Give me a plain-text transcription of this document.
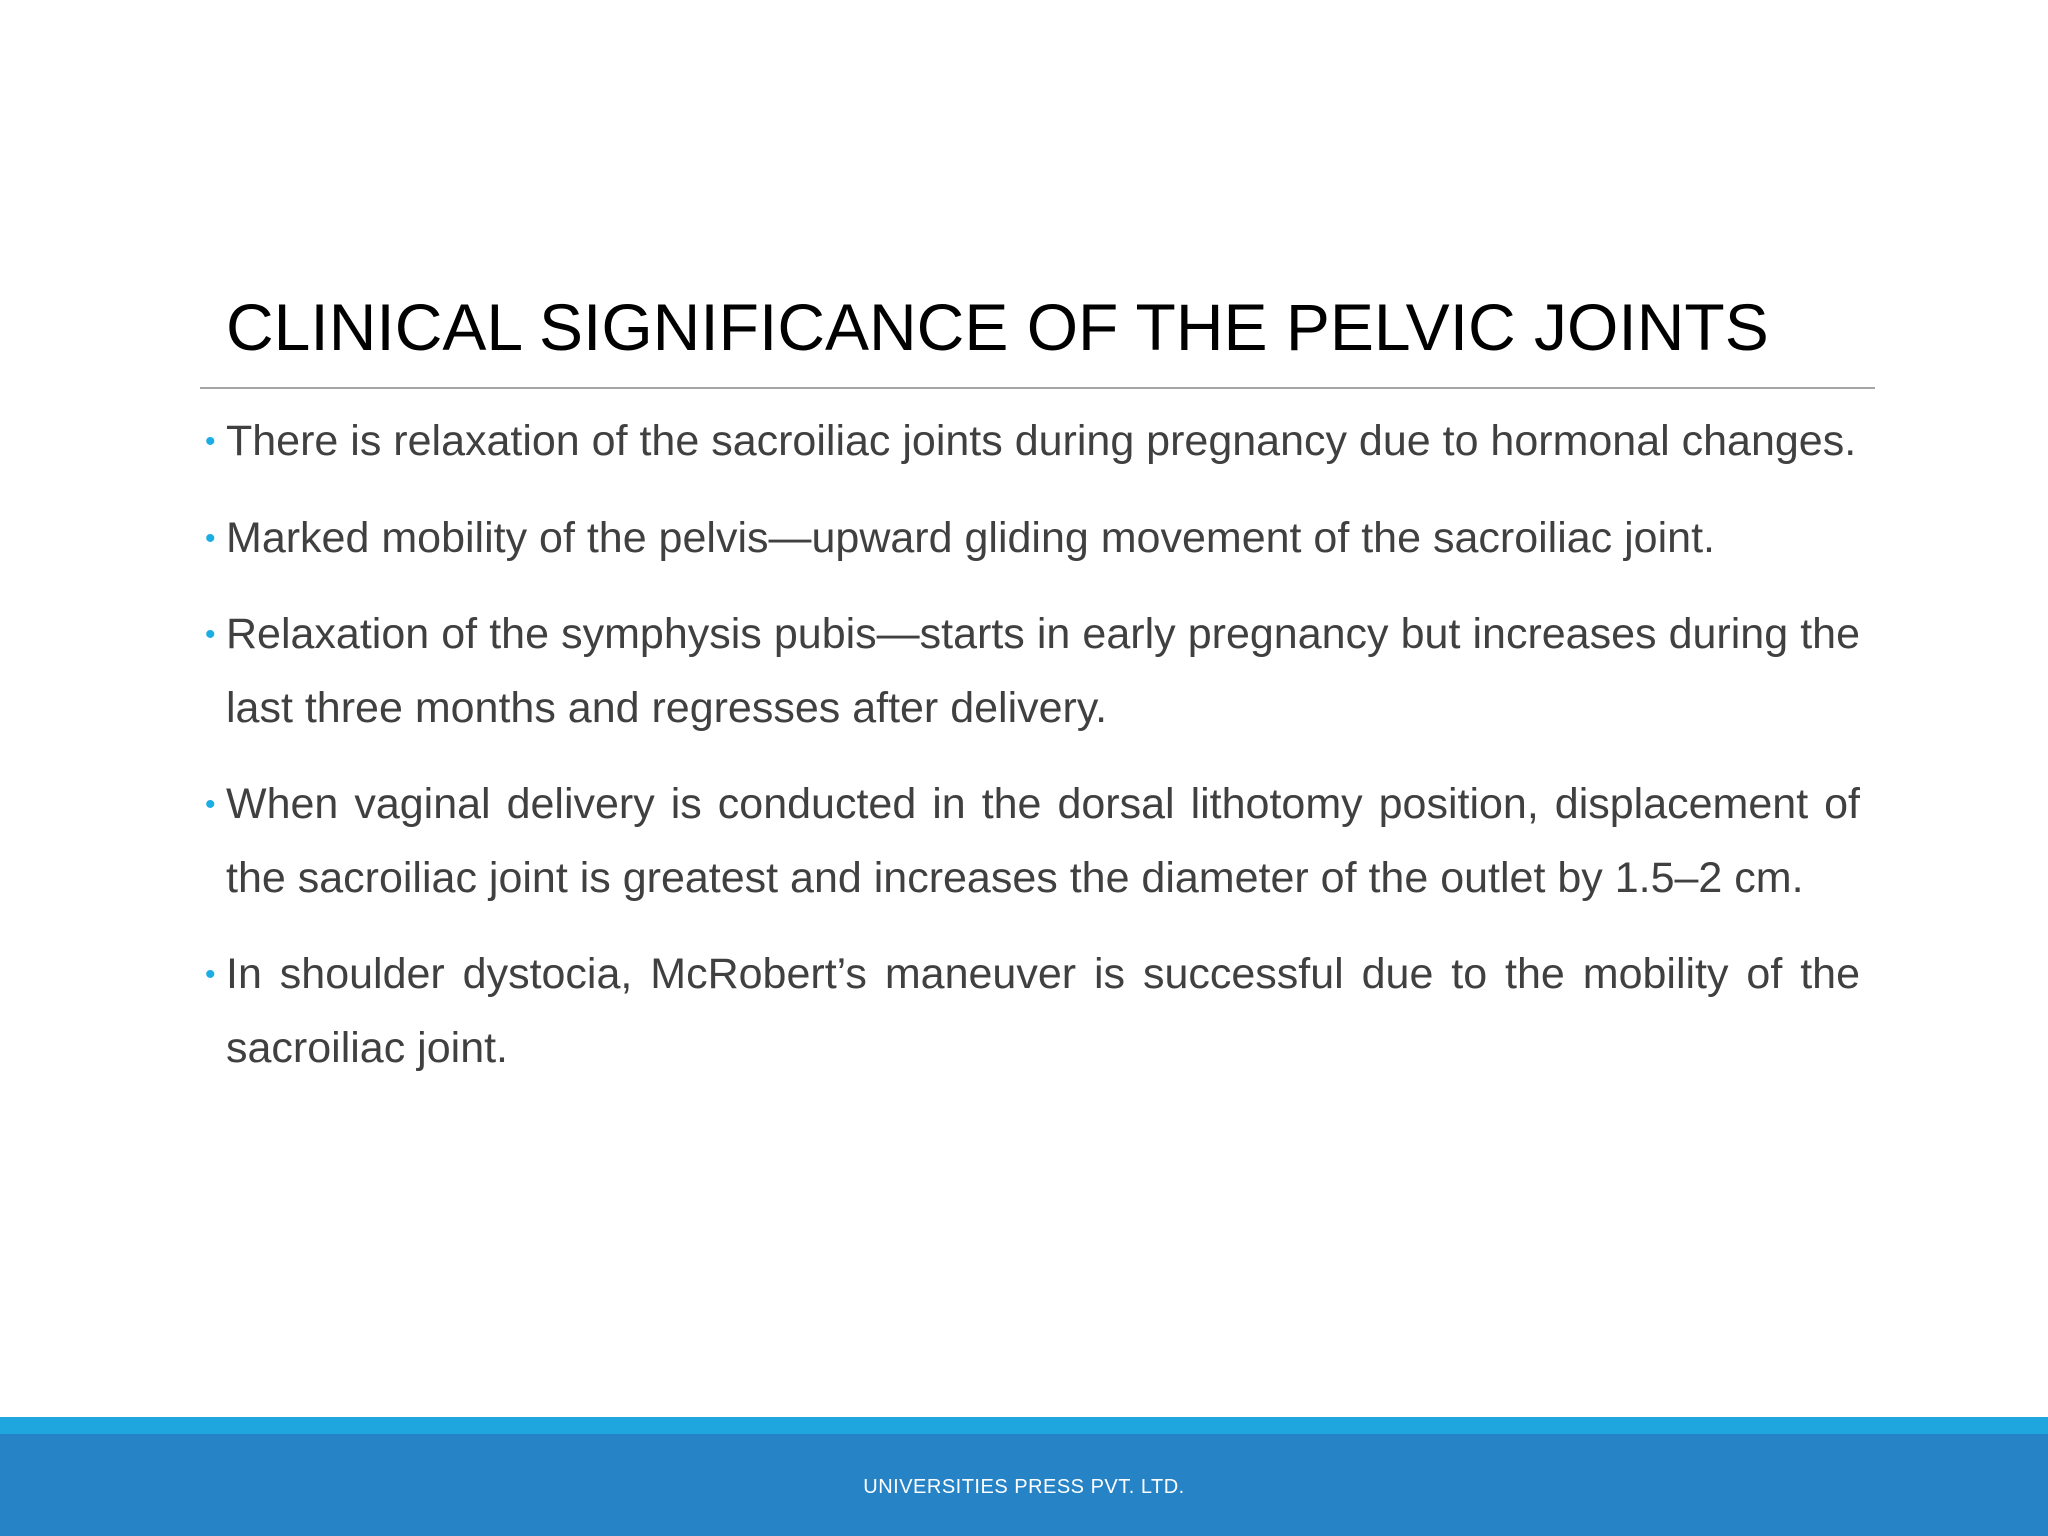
CLINICAL SIGNIFICANCE OF THE PELVIC JOINTS
• There is relaxation of the sacroiliac joints during pregnancy due to hormonal changes.
• Marked mobility of the pelvis—upward gliding movement of the sacroiliac joint.
• Relaxation of the symphysis pubis—starts in early pregnancy but increases during the last three months and regresses after delivery.
• When vaginal delivery is conducted in the dorsal lithotomy position, displacement of the sacroiliac joint is greatest and increases the diameter of the outlet by 1.5–2 cm.
• In shoulder dystocia, McRobert’s maneuver is successful due to the mobility of the sacroiliac joint.
UNIVERSITIES PRESS PVT. LTD.
